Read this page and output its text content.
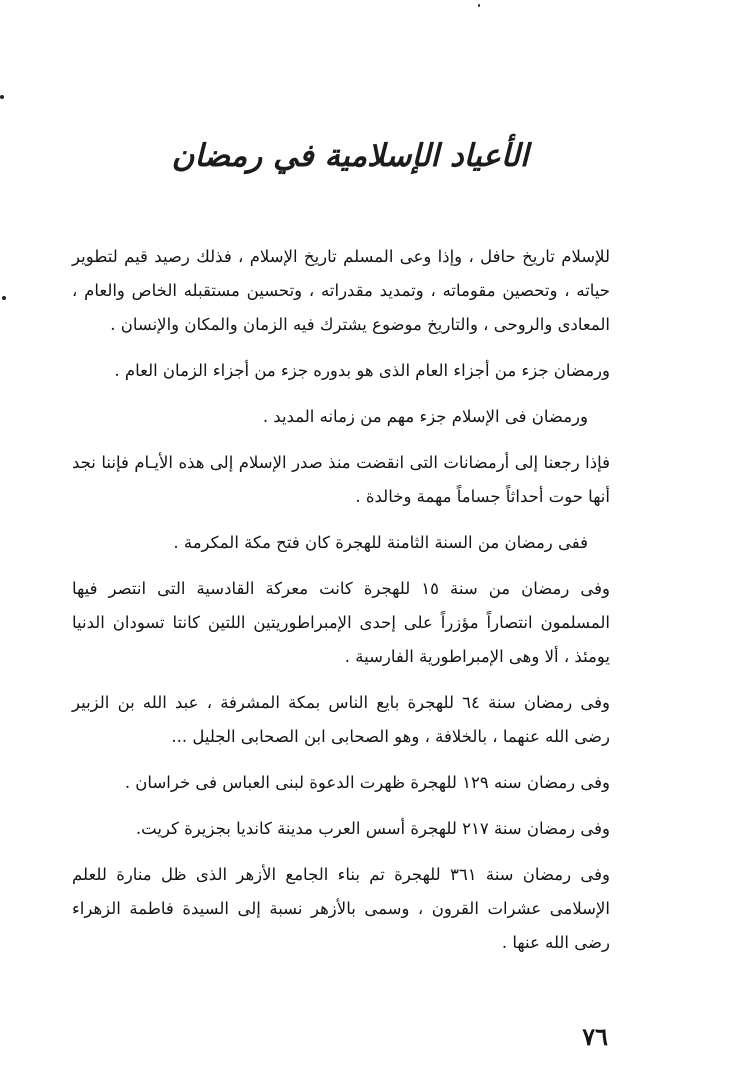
الأعياد الإسلامية في رمضان

للإسلام تاريخ حافل ، وإذا وعى المسلم تاريخ الإسلام ، فذلك رصيد قيم لتطوير حياته ، وتحصين مقوماته ، وتمديد مقدراته ، وتحسين مستقبله الخاص والعام ، المعادى والروحى ، والتاريخ موضوع يشترك فيه الزمان والمكان والإنسان .

ورمضان جزء من أجزاء العام الذى هو بدوره جزء من أجزاء الزمان العام .

ورمضان فى الإسلام جزء مهم من زمانه المديد .

فإذا رجعنا إلى أرمضانات التى انقضت منذ صدر الإسلام إلى هذه الأيـام فإننا نجد أنها حوت أحداثاً جساماً مهمة وخالدة .

ففى رمضان من السنة الثامنة للهجرة كان فتح مكة المكرمة .

وفى رمضان من سنة ١٥ للهجرة كانت معركة القادسية التى انتصر فيها المسلمون انتصاراً مؤزراً على إحدى الإمبراطوريتين اللتين كانتا تسودان الدنيا يومئذ ، ألا وهى الإمبراطورية الفارسية .

وفى رمضان سنة ٦٤ للهجرة بايع الناس بمكة المشرفة ، عبد الله بن الزبير رضى الله عنهما ، بالخلافة ، وهو الصحابى ابن الصحابى الجليل ...

وفى رمضان سنه ١٢٩ للهجرة ظهرت الدعوة لبنى العباس فى خراسان .

وفى رمضان سنة ٢١٧ للهجرة أسس العرب مدينة كانديا بجزيرة كريت.

وفى رمضان سنة ٣٦١ للهجرة تم بناء الجامع الأزهر الذى ظل منارة للعلم الإسلامى عشرات القرون ، وسمى بالأزهر نسبة إلى السيدة فاطمة الزهراء رضى الله عنها .

٧٦
